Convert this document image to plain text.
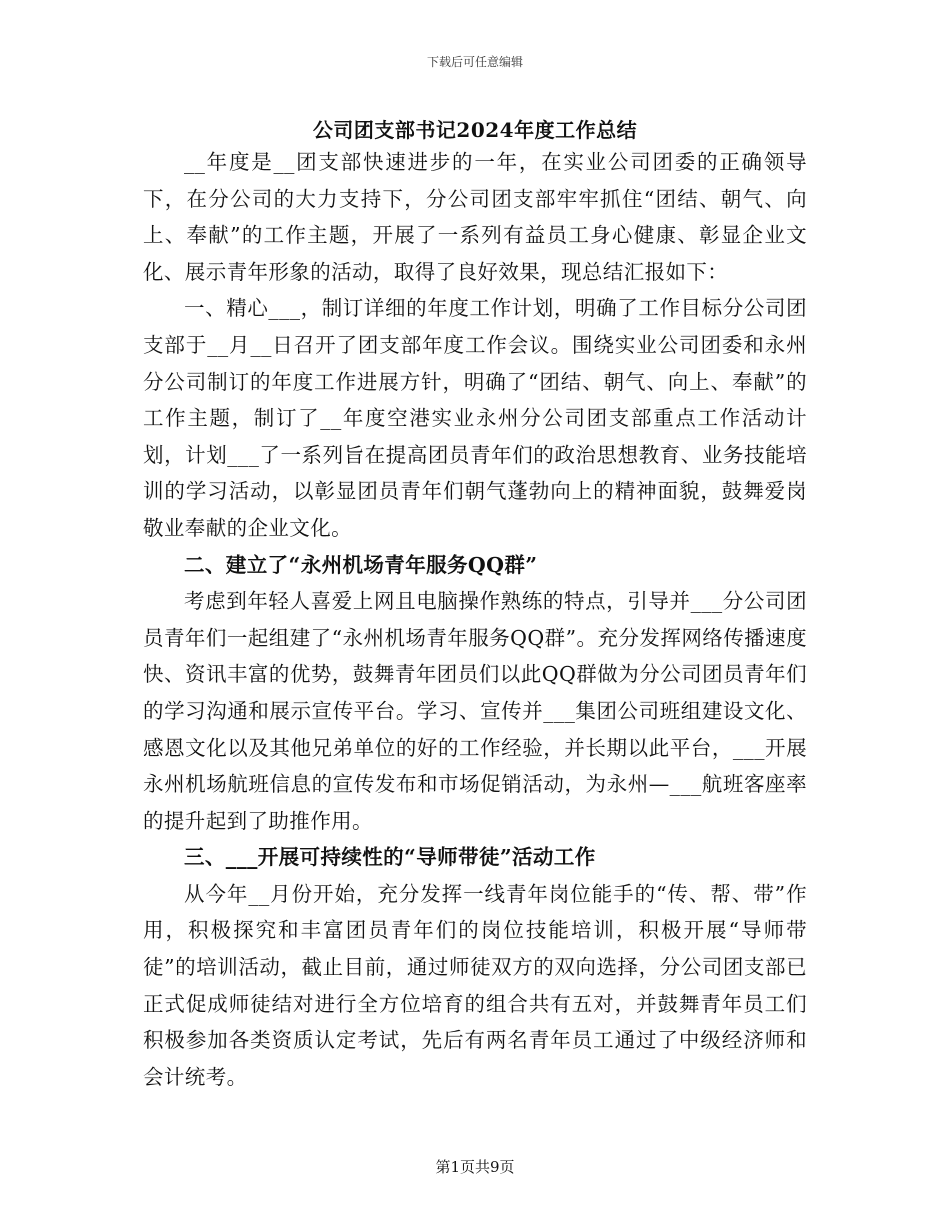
下载后可任意编辑
公司团支部书记2024年度工作总结

__年度是__团支部快速进步的一年，在实业公司团委的正确领导下，在分公司的大力支持下，分公司团支部牢牢抓住“团结、朝气、向上、奉献”的工作主题，开展了一系列有益员工身心健康、彰显企业文化、展示青年形象的活动，取得了良好效果，现总结汇报如下：

一、精心___，制订详细的年度工作计划，明确了工作目标分公司团支部于__月__日召开了团支部年度工作会议。围绕实业公司团委和永州分公司制订的年度工作进展方针，明确了“团结、朝气、向上、奉献”的工作主题，制订了__年度空港实业永州分公司团支部重点工作活动计划，计划___了一系列旨在提高团员青年们的政治思想教育、业务技能培训的学习活动，以彰显团员青年们朝气蓬勃向上的精神面貌，鼓舞爱岗敬业奉献的企业文化。

二、建立了“永州机场青年服务QQ群”

考虑到年轻人喜爱上网且电脑操作熟练的特点，引导并___分公司团员青年们一起组建了“永州机场青年服务QQ群”。充分发挥网络传播速度快、资讯丰富的优势，鼓舞青年团员们以此QQ群做为分公司团员青年们的学习沟通和展示宣传平台。学习、宣传并___集团公司班组建设文化、感恩文化以及其他兄弟单位的好的工作经验，并长期以此平台，___开展永州机场航班信息的宣传发布和市场促销活动，为永州—___航班客座率的提升起到了助推作用。

三、___开展可持续性的“导师带徒”活动工作

从今年__月份开始，充分发挥一线青年岗位能手的“传、帮、带”作用，积极探究和丰富团员青年们的岗位技能培训，积极开展“导师带徒”的培训活动，截止目前，通过师徒双方的双向选择，分公司团支部已正式促成师徒结对进行全方位培育的组合共有五对，并鼓舞青年员工们积极参加各类资质认定考试，先后有两名青年员工通过了中级经济师和会计统考。

第1页共9页
